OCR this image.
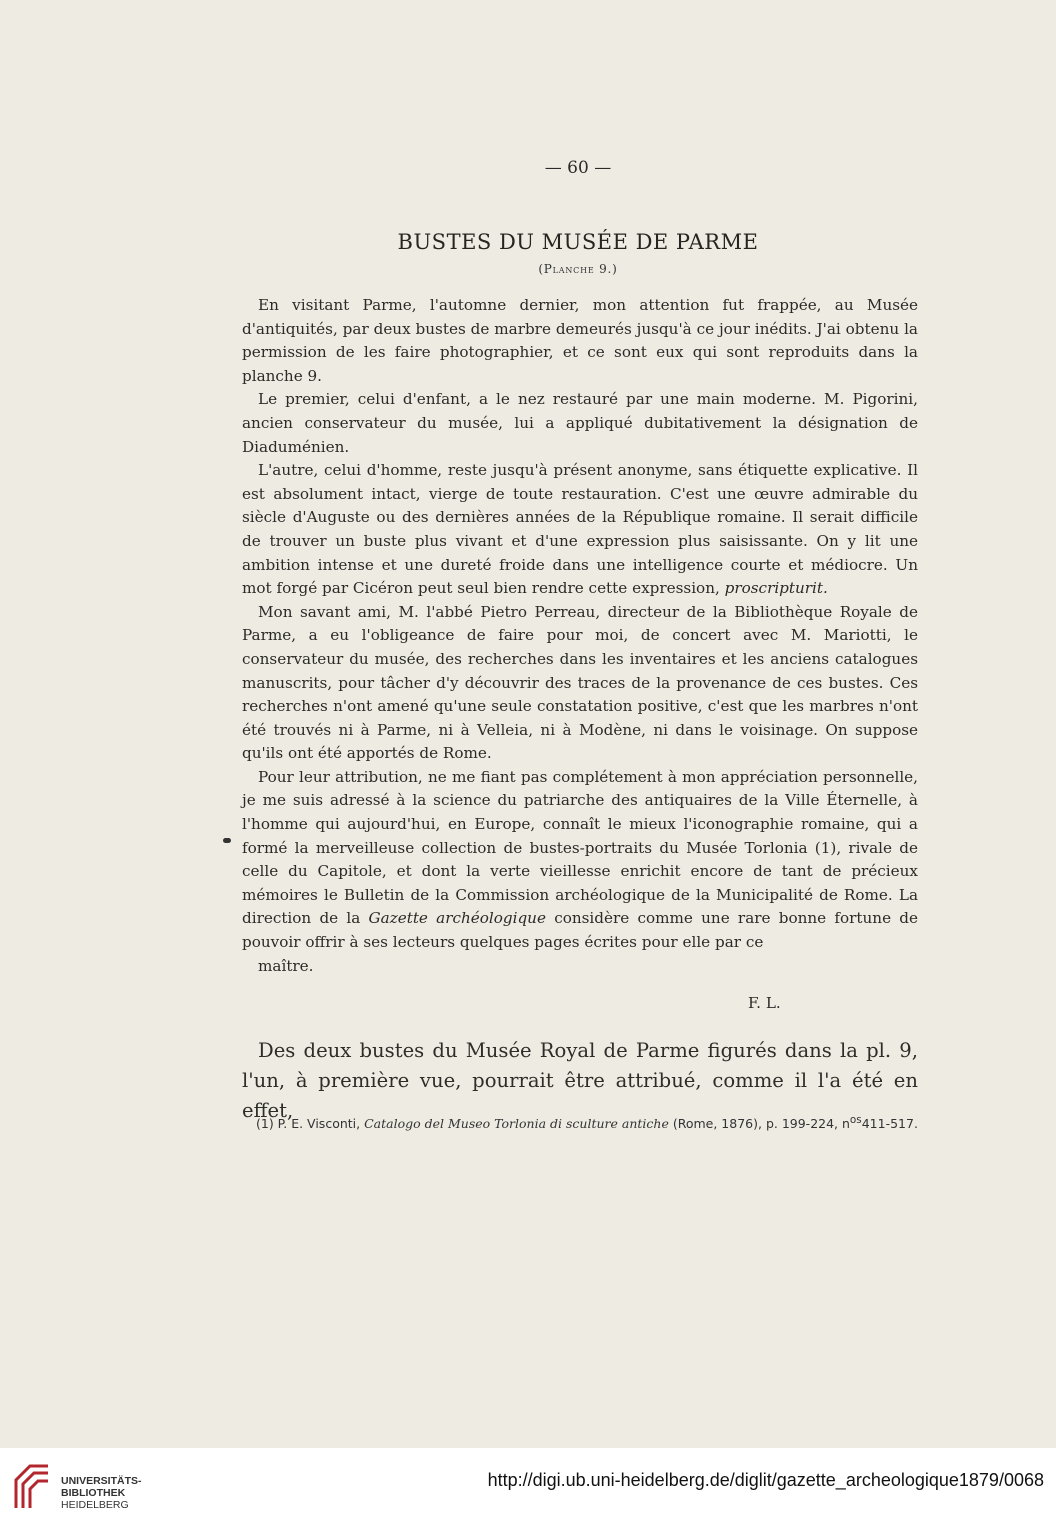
— 60 —
BUSTES DU MUSÉE DE PARME
(Planche 9.)

En visitant Parme, l'automne dernier, mon attention fut frappée, au Musée d'antiquités, par deux bustes de marbre demeurés jusqu'à ce jour inédits. J'ai obtenu la permission de les faire photographier, et ce sont eux qui sont reproduits dans la planche 9.

Le premier, celui d'enfant, a le nez restauré par une main moderne. M. Pigorini, ancien conservateur du musée, lui a appliqué dubitativement la désignation de Diaduménien.

L'autre, celui d'homme, reste jusqu'à présent anonyme, sans étiquette explicative. Il est absolument intact, vierge de toute restauration. C'est une œuvre admirable du siècle d'Auguste ou des dernières années de la République romaine. Il serait difficile de trouver un buste plus vivant et d'une expression plus saisissante. On y lit une ambition intense et une dureté froide dans une intelligence courte et médiocre. Un mot forgé par Cicéron peut seul bien rendre cette expression, proscripturit.

Mon savant ami, M. l'abbé Pietro Perreau, directeur de la Bibliothèque Royale de Parme, a eu l'obligeance de faire pour moi, de concert avec M. Mariotti, le conservateur du musée, des recherches dans les inventaires et les anciens catalogues manuscrits, pour tâcher d'y découvrir des traces de la provenance de ces bustes. Ces recherches n'ont amené qu'une seule constatation positive, c'est que les marbres n'ont été trouvés ni à Parme, ni à Velleia, ni à Modène, ni dans le voisinage. On suppose qu'ils ont été apportés de Rome.

Pour leur attribution, ne me fiant pas complétement à mon appréciation personnelle, je me suis adressé à la science du patriarche des antiquaires de la Ville Éternelle, à l'homme qui aujourd'hui, en Europe, connaît le mieux l'iconographie romaine, qui a formé la merveilleuse collection de bustes-portraits du Musée Torlonia (1), rivale de celle du Capitole, et dont la verte vieillesse enrichit encore de tant de précieux mémoires le Bulletin de la Commission archéologique de la Municipalité de Rome. La direction de la Gazette archéologique considère comme une rare bonne fortune de pouvoir offrir à ses lecteurs quelques pages écrites pour elle par ce
maître.

F. L.

Des deux bustes du Musée Royal de Parme figurés dans la pl. 9, l'un, à première vue, pourrait être attribué, comme il l'a été en effet,

(1) P. E. Visconti, Catalogo del Museo Torlonia di sculture antiche (Rome, 1876), p. 199-224, $n^{os}411-517$.
UNIVERSITÄTS-
BIBLIOTHEK
HEIDELBERG
http://digi.ub.uni-heidelberg.de/diglit/gazette_archeologique1879/0068
